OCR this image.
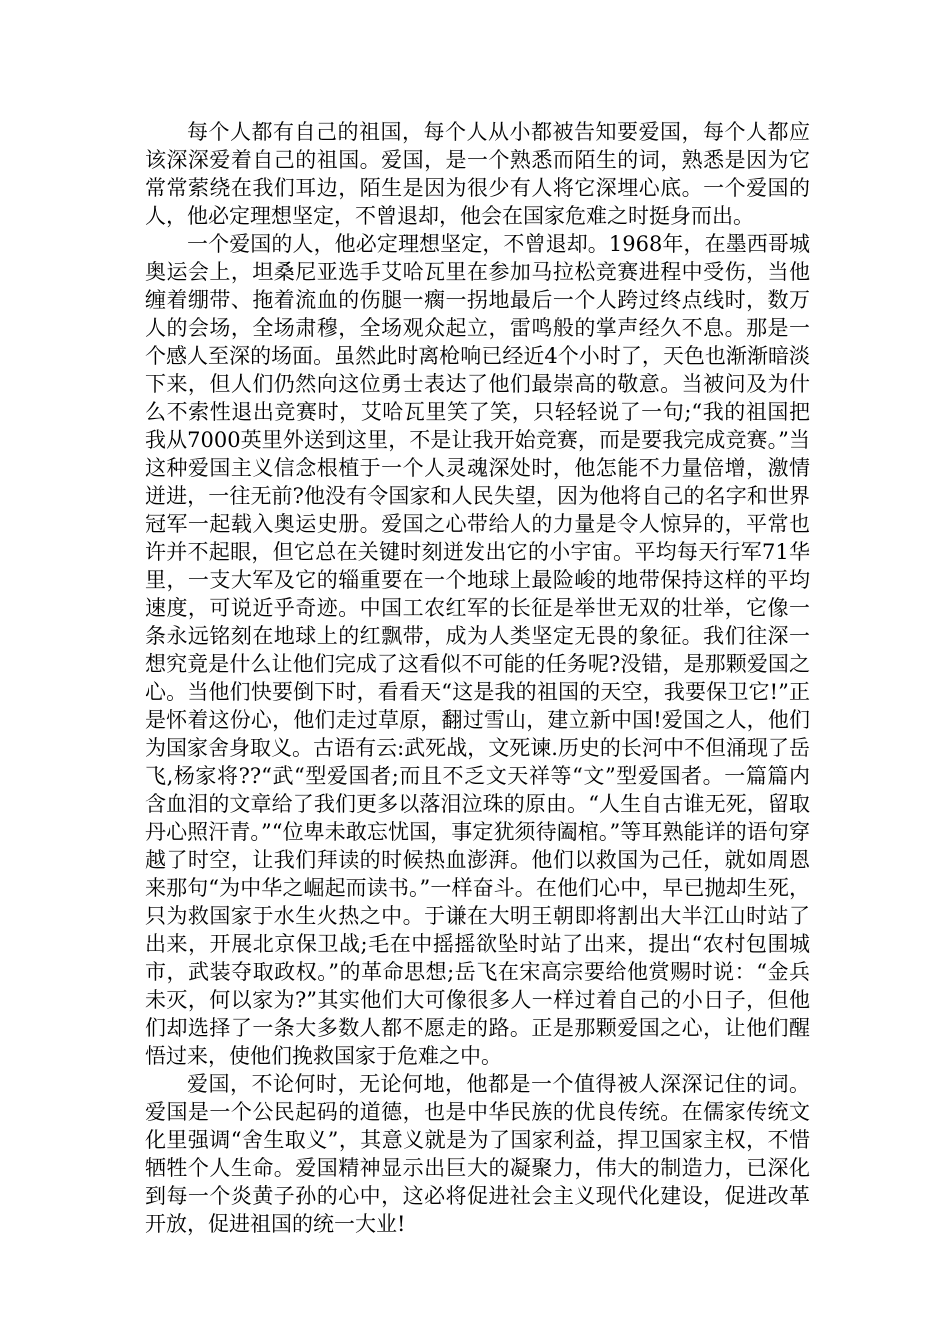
每个人都有自己的祖国，每个人从小都被告知要爱国，每个人都应该深深爱着自己的祖国。爱国，是一个熟悉而陌生的词，熟悉是因为它常常萦绕在我们耳边，陌生是因为很少有人将它深埋心底。一个爱国的人，他必定理想坚定，不曾退却，他会在国家危难之时挺身而出。

一个爱国的人，他必定理想坚定，不曾退却。1968年，在墨西哥城奥运会上，坦桑尼亚选手艾哈瓦里在参加马拉松竞赛进程中受伤，当他缠着绷带、拖着流血的伤腿一瘸一拐地最后一个人跨过终点线时，数万人的会场，全场肃穆，全场观众起立，雷鸣般的掌声经久不息。那是一个感人至深的场面。虽然此时离枪响已经近4个小时了，天色也渐渐暗淡下来，但人们仍然向这位勇士表达了他们最崇高的敬意。当被问及为什么不索性退出竞赛时，艾哈瓦里笑了笑，只轻轻说了一句;“我的祖国把我从7000英里外送到这里，不是让我开始竞赛，而是要我完成竞赛。”当这种爱国主义信念根植于一个人灵魂深处时，他怎能不力量倍增，激情迸进，一往无前?他没有令国家和人民失望，因为他将自己的名字和世界冠军一起载入奥运史册。爱国之心带给人的力量是令人惊异的，平常也许并不起眼，但它总在关键时刻迸发出它的小宇宙。平均每天行军71华里，一支大军及它的辎重要在一个地球上最险峻的地带保持这样的平均速度，可说近乎奇迹。中国工农红军的长征是举世无双的壮举，它像一条永远铭刻在地球上的红飘带，成为人类坚定无畏的象征。我们往深一想究竟是什么让他们完成了这看似不可能的任务呢?没错，是那颗爱国之心。当他们快要倒下时，看看天“这是我的祖国的天空，我要保卫它!”正是怀着这份心，他们走过草原，翻过雪山，建立新中国!爱国之人，他们为国家舍身取义。古语有云:武死战，文死谏.历史的长河中不但涌现了岳飞,杨家将??“武“型爱国者;而且不乏文天祥等“文”型爱国者。一篇篇内含血泪的文章给了我们更多以落泪泣珠的原由。“人生自古谁无死，留取丹心照汗青。”“位卑未敢忘忧国，事定犹须待阖棺。”等耳熟能详的语句穿越了时空，让我们拜读的时候热血澎湃。他们以救国为己任，就如周恩来那句“为中华之崛起而读书。”一样奋斗。在他们心中，早已抛却生死，只为救国家于水生火热之中。于谦在大明王朝即将割出大半江山时站了出来，开展北京保卫战;毛在中摇摇欲坠时站了出来，提出“农村包围城市，武装夺取政权。”的革命思想;岳飞在宋高宗要给他赏赐时说：“金兵未灭，何以家为?”其实他们大可像很多人一样过着自己的小日子，但他们却选择了一条大多数人都不愿走的路。正是那颗爱国之心，让他们醒悟过来，使他们挽救国家于危难之中。

爱国，不论何时，无论何地，他都是一个值得被人深深记住的词。爱国是一个公民起码的道德，也是中华民族的优良传统。在儒家传统文化里强调“舍生取义”，其意义就是为了国家利益，捍卫国家主权，不惜牺牲个人生命。爱国精神显示出巨大的凝聚力，伟大的制造力，已深化到每一个炎黄子孙的心中，这必将促进社会主义现代化建设，促进改革开放，促进祖国的统一大业!
